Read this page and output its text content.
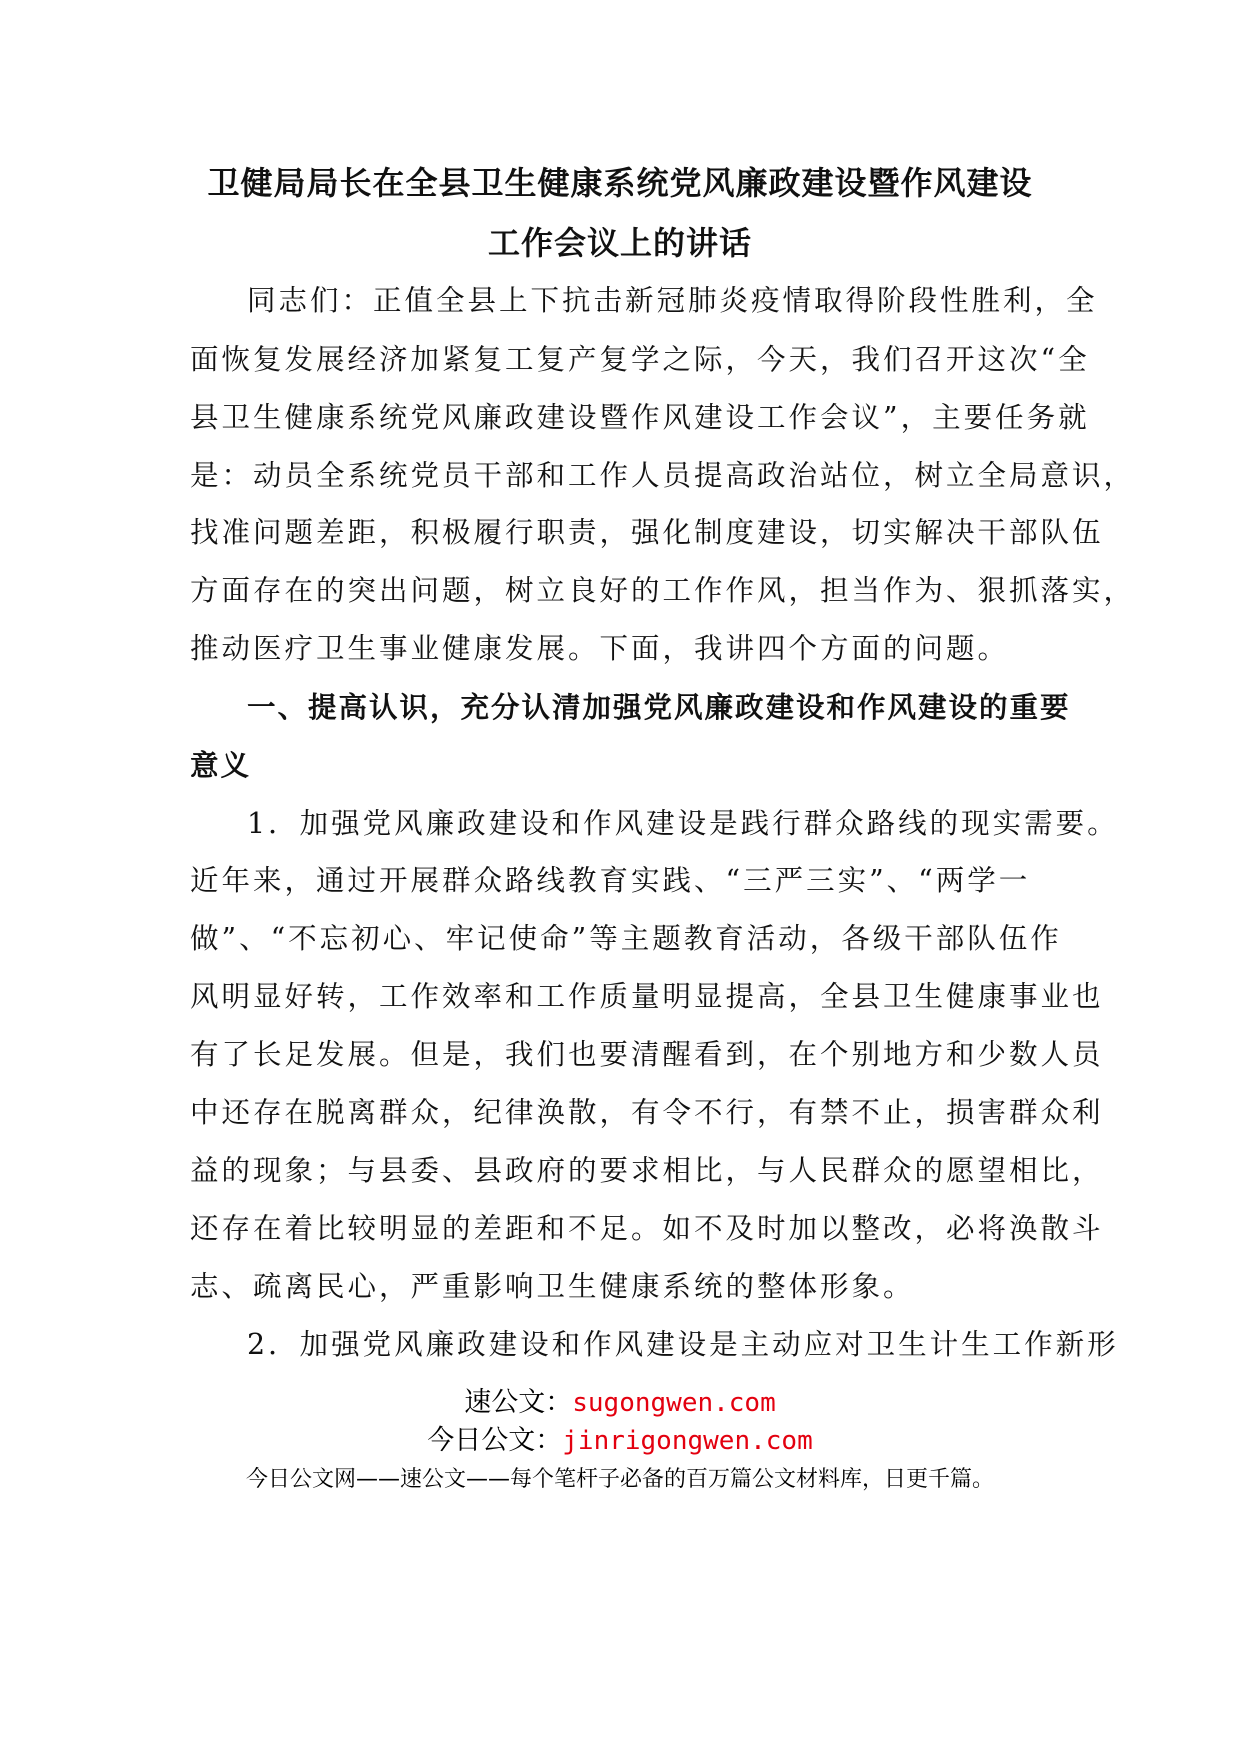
卫健局局长在全县卫生健康系统党风廉政建设暨作风建设
工作会议上的讲话
同志们：正值全县上下抗击新冠肺炎疫情取得阶段性胜利，全
面恢复发展经济加紧复工复产复学之际，今天，我们召开这次“全
县卫生健康系统党风廉政建设暨作风建设工作会议”，主要任务就
是：动员全系统党员干部和工作人员提高政治站位，树立全局意识，
找准问题差距，积极履行职责，强化制度建设，切实解决干部队伍
方面存在的突出问题，树立良好的工作作风，担当作为、狠抓落实，
推动医疗卫生事业健康发展。下面，我讲四个方面的问题。
一、提高认识，充分认清加强党风廉政建设和作风建设的重要
意义
1．加强党风廉政建设和作风建设是践行群众路线的现实需要。
近年来，通过开展群众路线教育实践、“三严三实”、“两学一
做”、“不忘初心、牢记使命”等主题教育活动，各级干部队伍作
风明显好转，工作效率和工作质量明显提高，全县卫生健康事业也
有了长足发展。但是，我们也要清醒看到，在个别地方和少数人员
中还存在脱离群众，纪律涣散，有令不行，有禁不止，损害群众利
益的现象；与县委、县政府的要求相比，与人民群众的愿望相比，
还存在着比较明显的差距和不足。如不及时加以整改，必将涣散斗
志、疏离民心，严重影响卫生健康系统的整体形象。
2．加强党风廉政建设和作风建设是主动应对卫生计生工作新形
速公文：sugongwen.com
今日公文：jinrigongwen.com
今日公文网——速公文——每个笔杆子必备的百万篇公文材料库，日更千篇。
